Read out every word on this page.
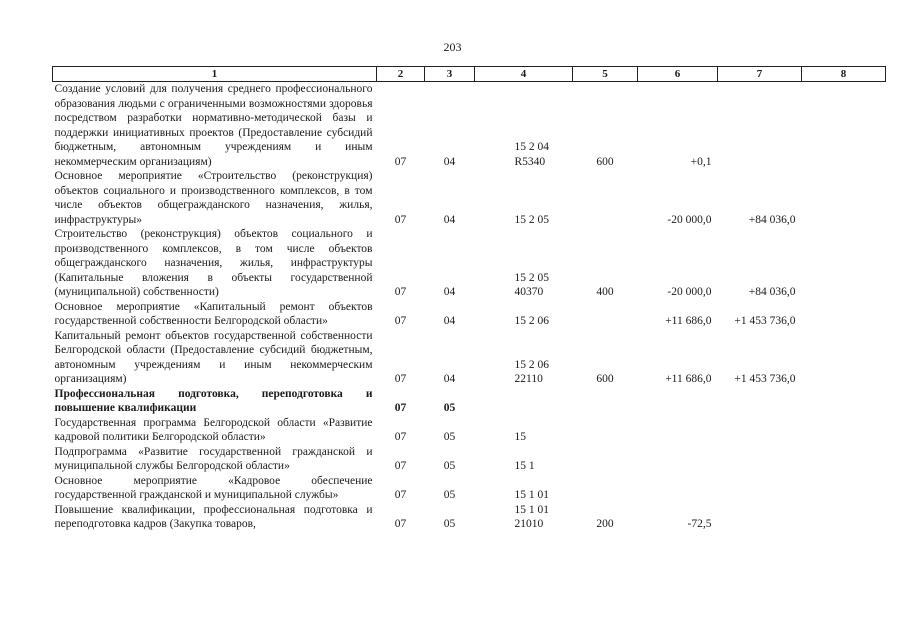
203
1	2	3	4	5	6	7	8
Создание условий для получения среднего профессионального образования людьми с ограниченными возможностями здоровья посредством разработки нормативно-методической базы и поддержки инициативных проектов (Предоставление субсидий бюджетным, автономным учреждениям и иным некоммерческим организациям)	07	04	15 2 04 R5340	600	+0,1		
Основное мероприятие «Строительство (реконструкция) объектов социального и производственного комплексов, в том числе объектов общегражданского назначения, жилья, инфраструктуры»	07	04	15 2 05		-20 000,0	+84 036,0	
Строительство (реконструкция) объектов социального и производственного комплексов, в том числе объектов общегражданского назначения, жилья, инфраструктуры (Капитальные вложения в объекты государственной (муниципальной) собственности)	07	04	15 2 05 40370	400	-20 000,0	+84 036,0	
Основное мероприятие «Капитальный ремонт объектов государственной собственности Белгородской области»	07	04	15 2 06		+11 686,0	+1 453 736,0	
Капитальный ремонт объектов государственной собственности Белгородской области (Предоставление субсидий бюджетным, автономным учреждениям и иным некоммерческим организациям)	07	04	15 2 06 22110	600	+11 686,0	+1 453 736,0	
Профессиональная подготовка, переподготовка и повышение квалификации	07	05					
Государственная программа Белгородской области «Развитие кадровой политики Белгородской области»	07	05	15				
Подпрограмма «Развитие государственной гражданской и муниципальной службы Белгородской области»	07	05	15 1				
Основное мероприятие «Кадровое обеспечение государственной гражданской и муниципальной службы»	07	05	15 1 01				
Повышение квалификации, профессиональная подготовка и переподготовка кадров (Закупка товаров,	07	05	15 1 01 21010	200	-72,5		
